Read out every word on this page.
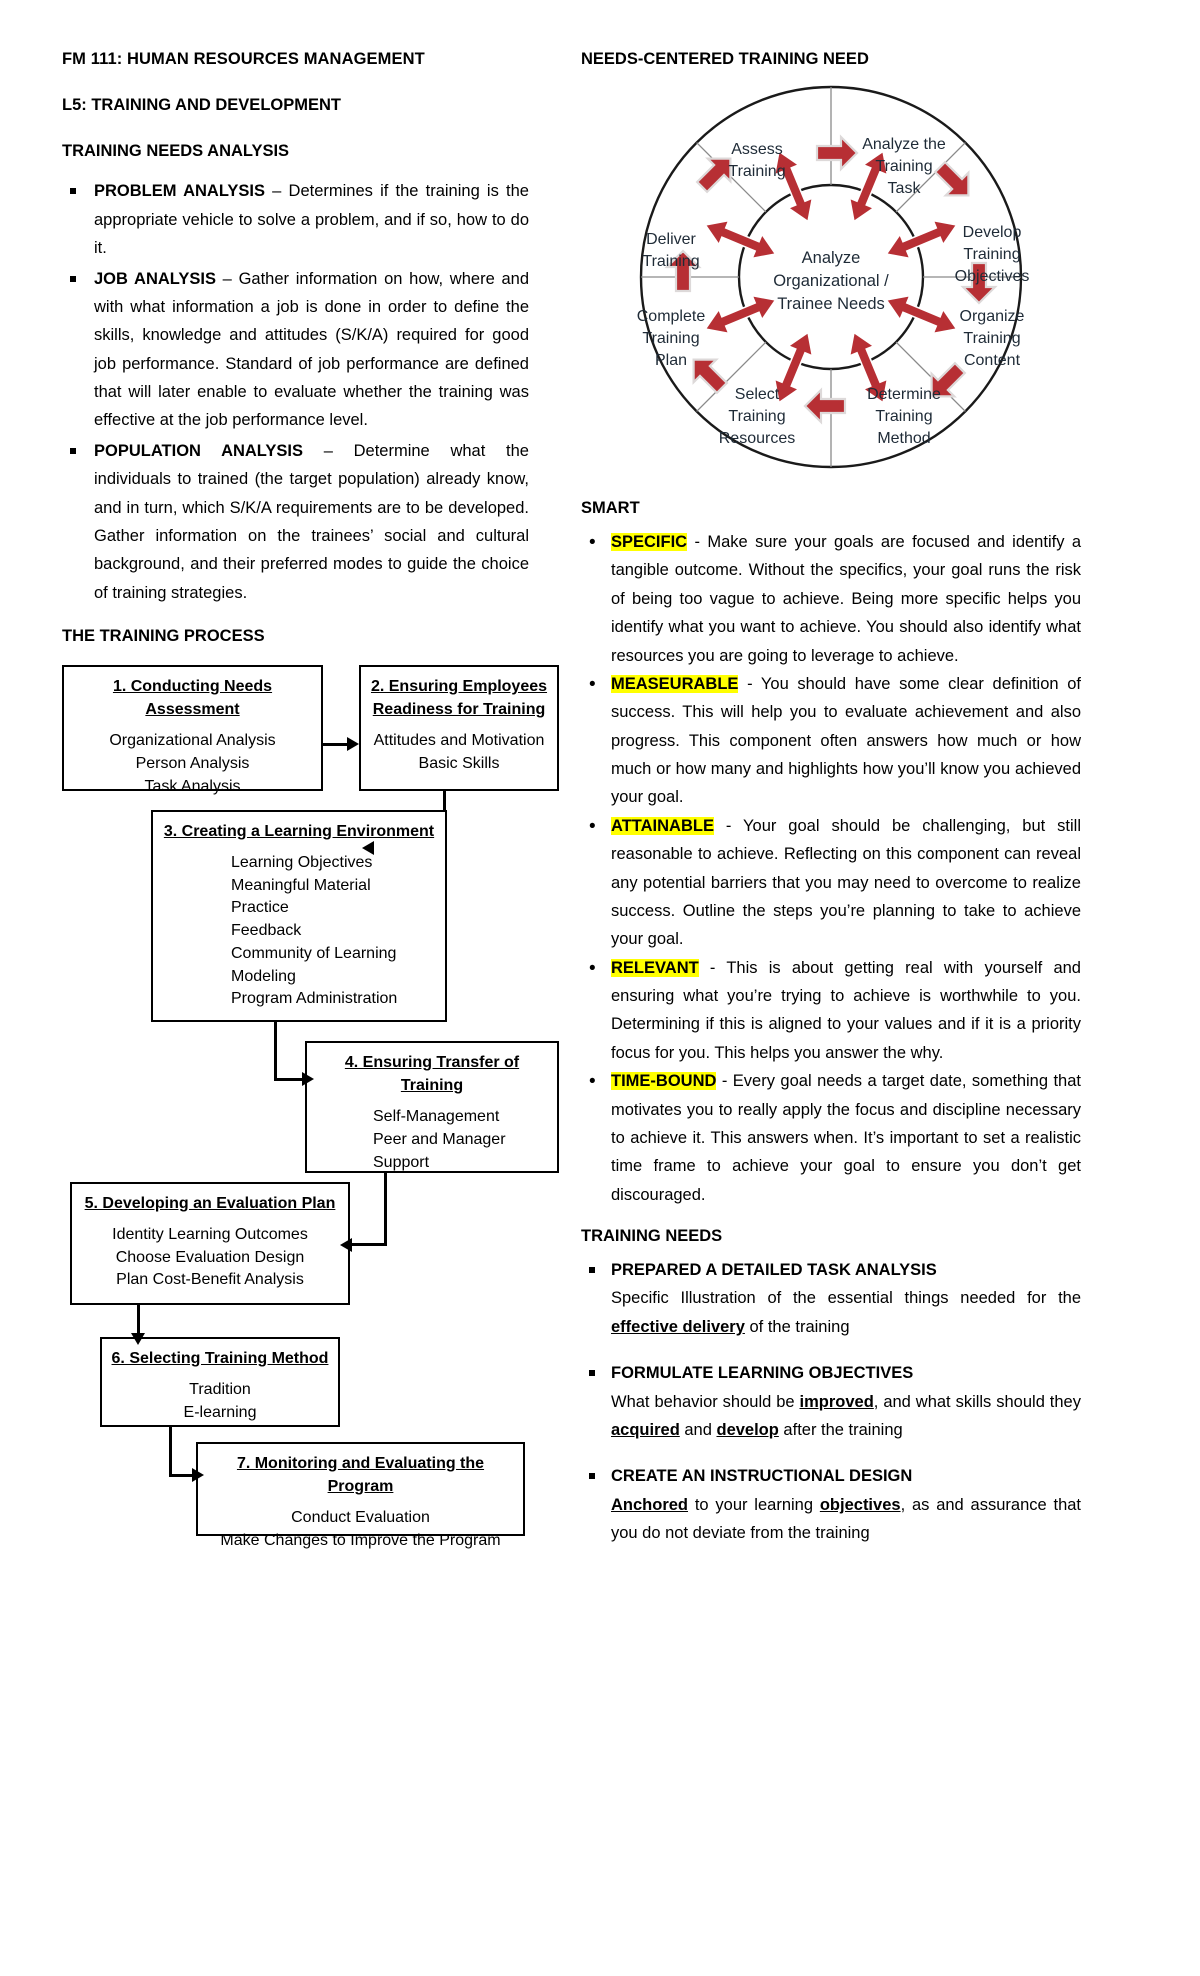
FM 111: HUMAN RESOURCES MANAGEMENT
L5: TRAINING AND DEVELOPMENT
TRAINING NEEDS ANALYSIS
PROBLEM ANALYSIS – Determines if the training is the appropriate vehicle to solve a problem, and if so, how to do it.
JOB ANALYSIS – Gather information on how, where and with what information a job is done in order to define the skills, knowledge and attitudes (S/K/A) required for good job performance. Standard of job performance are defined that will later enable to evaluate whether the training was effective at the job performance level.
POPULATION ANALYSIS – Determine what the individuals to trained (the target population) already know, and in turn, which S/K/A requirements are to be developed. Gather information on the trainees’ social and cultural background, and their preferred modes to guide the choice of training strategies.
THE TRAINING PROCESS
1. Conducting Needs Assessment
Organizational Analysis
Person Analysis
Task Analysis
2. Ensuring Employees Readiness for Training
Attitudes and Motivation
Basic Skills
3. Creating a Learning Environment
Learning Objectives
Meaningful Material
Practice
Feedback
Community of Learning
Modeling
Program Administration
4. Ensuring Transfer of Training
Self-Management
Peer and Manager
Support
5. Developing an Evaluation Plan
Identity Learning Outcomes
Choose Evaluation Design
Plan Cost-Benefit Analysis
6. Selecting Training Method
Tradition
E-learning
7. Monitoring and Evaluating the Program
Conduct Evaluation
Make Changes to Improve the Program
NEEDS-CENTERED TRAINING NEED
Analyze
Organizational /
Trainee Needs
Analyze the
Training
Task
Develop
Training
Objectives
Organize
Training
Content
Determine
Training
Method
Select
Training
Resources
Complete
Training
Plan
Deliver
Training
Assess
Training
SMART
• SPECIFIC - Make sure your goals are focused and identify a tangible outcome. Without the specifics, your goal runs the risk of being too vague to achieve. Being more specific helps you identify what you want to achieve. You should also identify what resources you are going to leverage to achieve.
• MEASEURABLE - You should have some clear definition of success. This will help you to evaluate achievement and also progress. This component often answers how much or how much or how many and highlights how you’ll know you achieved your goal.
• ATTAINABLE - Your goal should be challenging, but still reasonable to achieve. Reflecting on this component can reveal any potential barriers that you may need to overcome to realize success. Outline the steps you’re planning to take to achieve your goal.
• RELEVANT - This is about getting real with yourself and ensuring what you’re trying to achieve is worthwhile to you. Determining if this is aligned to your values and if it is a priority focus for you. This helps you answer the why.
• TIME-BOUND - Every goal needs a target date, something that motivates you to really apply the focus and discipline necessary to achieve it. This answers when. It’s important to set a realistic time frame to achieve your goal to ensure you don’t get discouraged.
TRAINING NEEDS
PREPARED A DETAILED TASK ANALYSIS
Specific Illustration of the essential things needed for the effective delivery of the training
FORMULATE LEARNING OBJECTIVES
What behavior should be improved, and what skills should they acquired and develop after the training
CREATE AN INSTRUCTIONAL DESIGN
Anchored to your learning objectives, as and assurance that you do not deviate from the training
